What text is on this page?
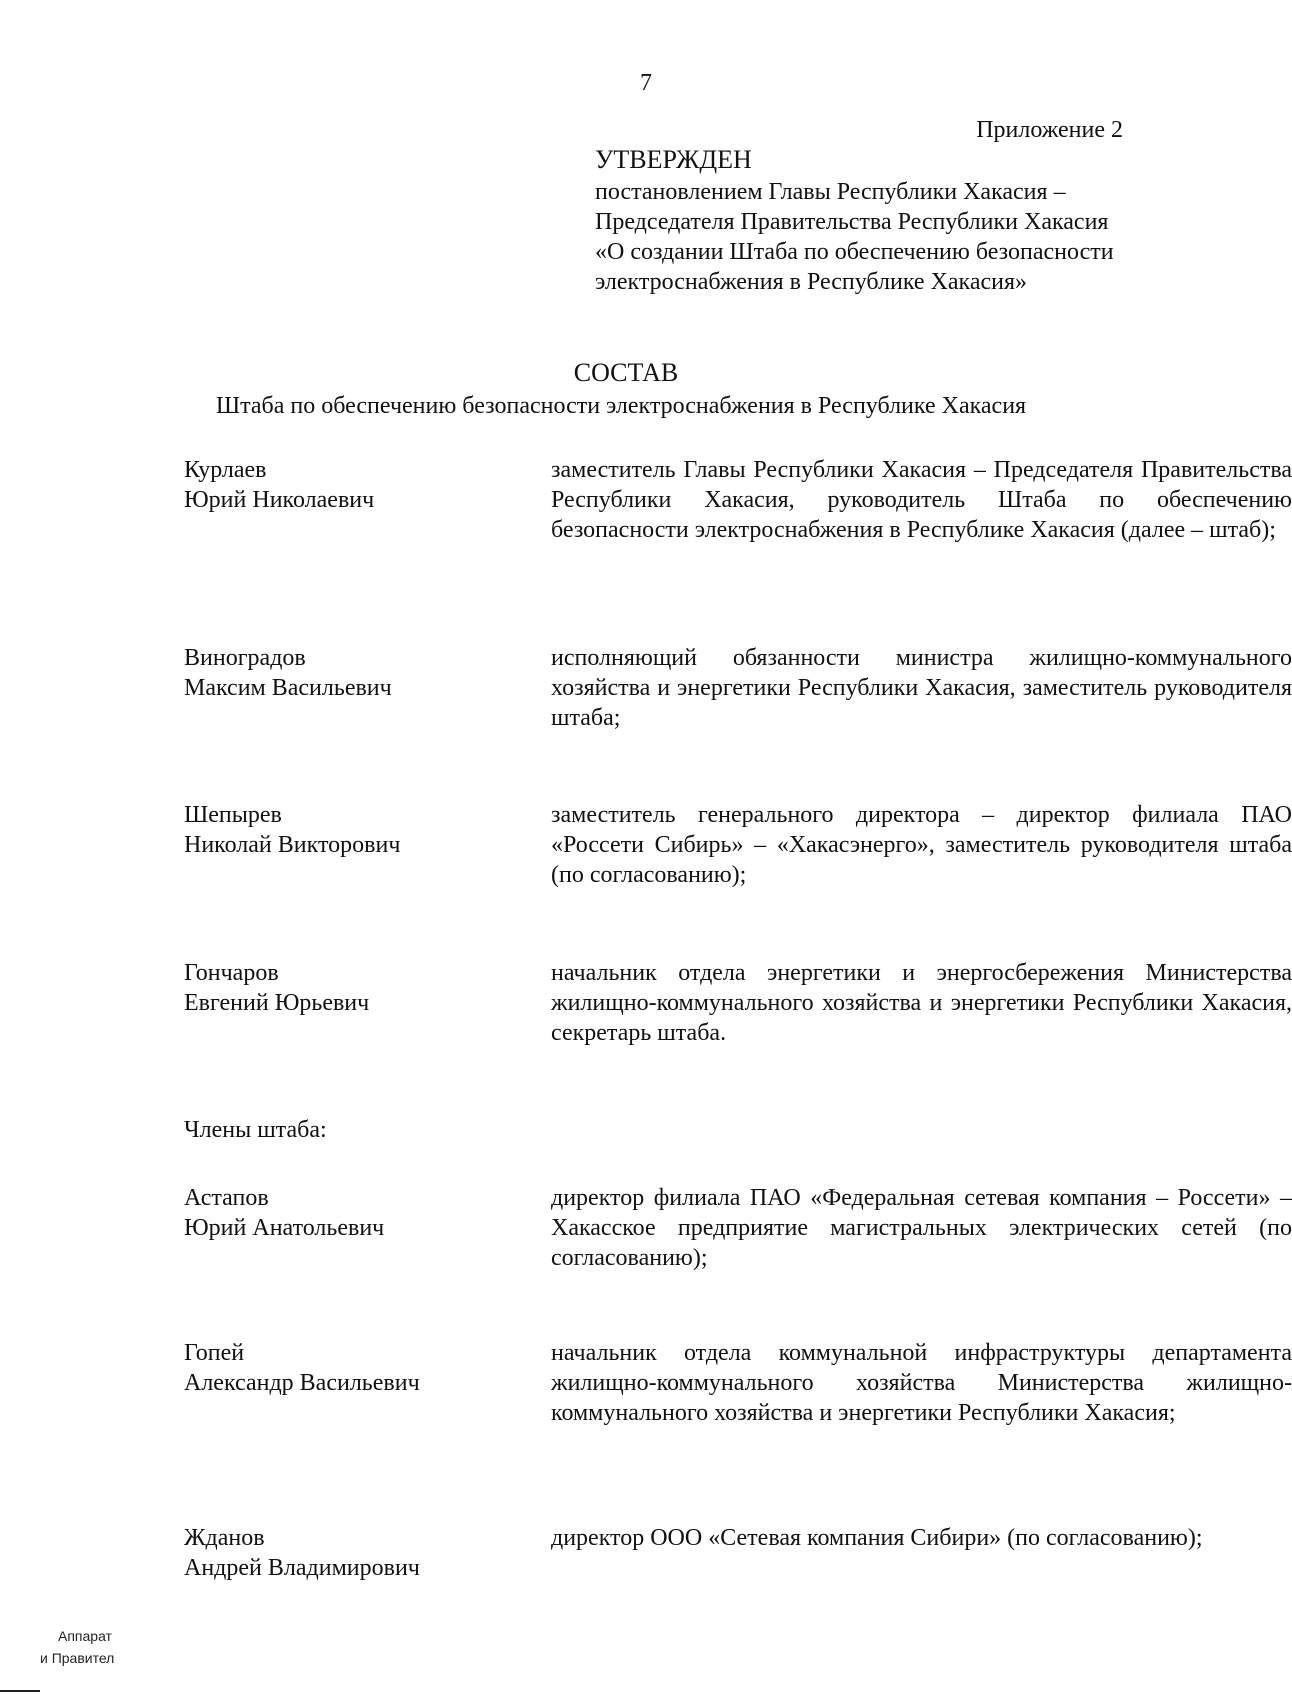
7
Приложение 2
УТВЕРЖДЕН
постановлением Главы Республики Хакасия – Председателя Правительства Республики Хакасия «О создании Штаба по обеспечению безопасности электроснабжения в Республике Хакасия»
СОСТАВ
Штаба по обеспечению безопасности электроснабжения в Республике Хакасия
Курлаев
Юрий Николаевич
заместитель Главы Республики Хакасия – Председателя Правительства Республики Хакасия, руководитель Штаба по обеспечению безопасности электроснабжения в Республике Хакасия (далее – штаб);
Виноградов
Максим Васильевич
исполняющий обязанности министра жилищно-коммунального хозяйства и энергетики Республики Хакасия, заместитель руководителя штаба;
Шепырев
Николай Викторович
заместитель генерального директора – директор филиала ПАО «Россети Сибирь» – «Хакасэнерго», заместитель руководителя штаба (по согласованию);
Гончаров
Евгений Юрьевич
начальник отдела энергетики и энергосбережения Министерства жилищно-коммунального хозяйства и энергетики Республики Хакасия, секретарь штаба.
Члены штаба:
Астапов
Юрий Анатольевич
директор филиала ПАО «Федеральная сетевая компания – Россети» – Хакасское предприятие магистральных электрических сетей (по согласованию);
Гопей
Александр Васильевич
начальник отдела коммунальной инфраструктуры департамента жилищно-коммунального хозяйства Министерства жилищно-коммунального хозяйства и энергетики Республики Хакасия;
Жданов
Андрей Владимирович
директор ООО «Сетевая компания Сибири» (по согласованию);
Аппарат
и Правител
